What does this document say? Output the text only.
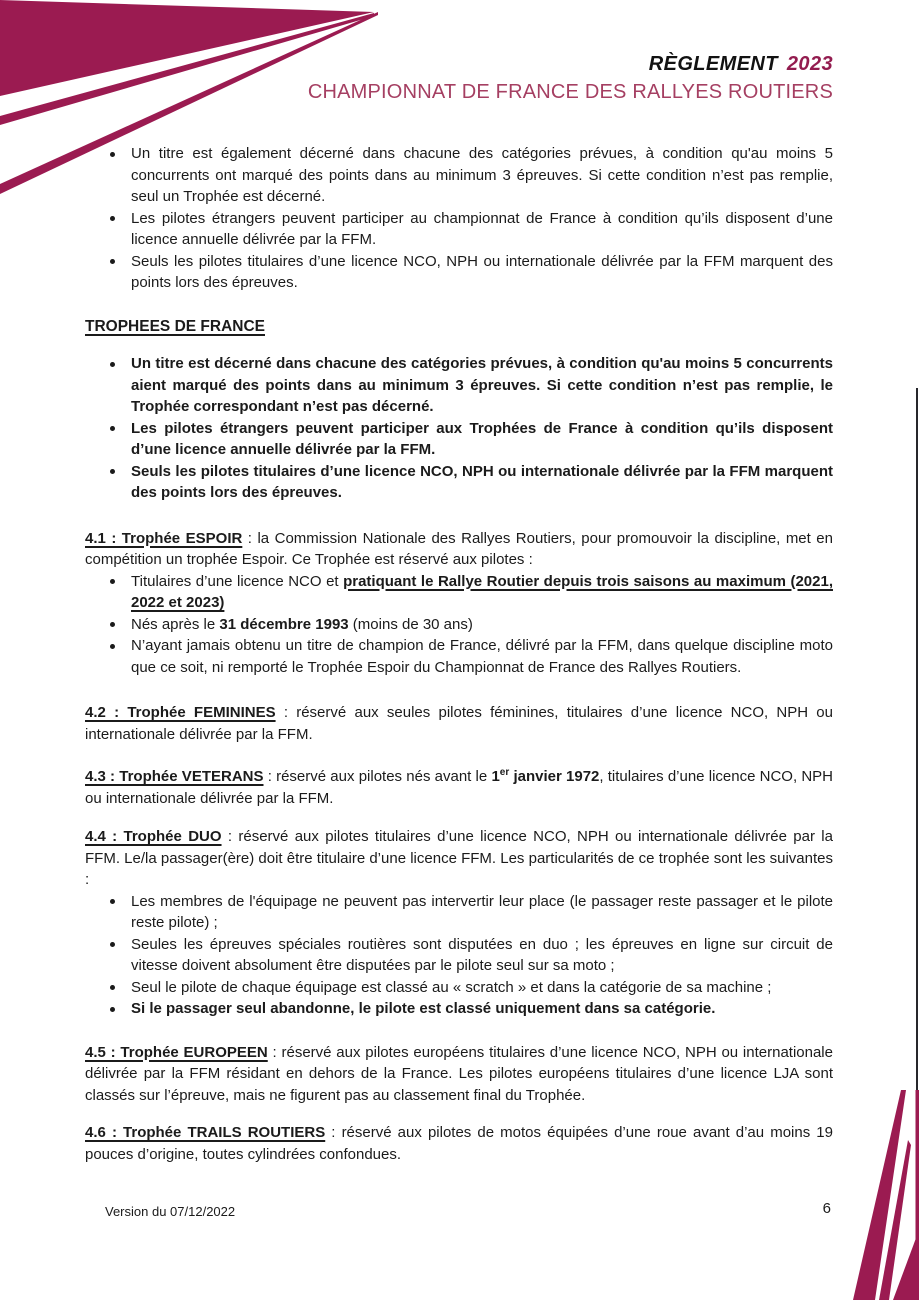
RÈGLEMENT 2023
CHAMPIONNAT DE FRANCE DES RALLYES ROUTIERS
Un titre est également décerné dans chacune des catégories prévues, à condition qu'au moins 5 concurrents ont marqué des points dans au minimum 3 épreuves. Si cette condition n’est pas remplie, seul un Trophée est décerné.
Les pilotes étrangers peuvent participer au championnat de France à condition qu’ils disposent d’une licence annuelle délivrée par la FFM.
Seuls les pilotes titulaires d’une licence NCO, NPH ou internationale délivrée par la FFM marquent des points lors des épreuves.
TROPHEES DE FRANCE
Un titre est décerné dans chacune des catégories prévues, à condition qu'au moins 5 concurrents aient marqué des points dans au minimum 3 épreuves. Si cette condition n’est pas remplie, le Trophée correspondant n’est pas décerné.
Les pilotes étrangers peuvent participer aux Trophées de France à condition qu’ils disposent d’une licence annuelle délivrée par la FFM.
Seuls les pilotes titulaires d’une licence NCO, NPH ou internationale délivrée par la FFM marquent des points lors des épreuves.

4.1 : Trophée ESPOIR : la Commission Nationale des Rallyes Routiers, pour promouvoir la discipline, met en compétition un trophée Espoir. Ce Trophée est réservé aux pilotes :

Titulaires d’une licence NCO et pratiquant le Rallye Routier depuis trois saisons au maximum (2021, 2022 et 2023)
Nés après le 31 décembre 1993 (moins de 30 ans)
N’ayant jamais obtenu un titre de champion de France, délivré par la FFM, dans quelque discipline moto que ce soit, ni remporté le Trophée Espoir du Championnat de France des Rallyes Routiers.

4.2 : Trophée FEMININES : réservé aux seules pilotes féminines, titulaires d’une licence NCO, NPH ou internationale délivrée par la FFM.

4.3 : Trophée VETERANS : réservé aux pilotes nés avant le 1er janvier 1972, titulaires d’une licence NCO, NPH ou internationale délivrée par la FFM.

4.4 : Trophée DUO : réservé aux pilotes titulaires d’une licence NCO, NPH ou internationale délivrée par la FFM. Le/la passager(ère) doit être titulaire d’une licence FFM. Les particularités de ce trophée sont les suivantes :

Les membres de l'équipage ne peuvent pas intervertir leur place (le passager reste passager et le pilote reste pilote) ;
Seules les épreuves spéciales routières sont disputées en duo ; les épreuves en ligne sur circuit de vitesse doivent absolument être disputées par le pilote seul sur sa moto ;
Seul le pilote de chaque équipage est classé au « scratch » et dans la catégorie de sa machine ;
Si le passager seul abandonne, le pilote est classé uniquement dans sa catégorie.

4.5 : Trophée EUROPEEN : réservé aux pilotes européens titulaires d’une licence NCO, NPH ou internationale délivrée par la FFM résidant en dehors de la France. Les pilotes européens titulaires d’une licence LJA sont classés sur l’épreuve, mais ne figurent pas au classement final du Trophée.

4.6 : Trophée TRAILS ROUTIERS : réservé aux pilotes de motos équipées d’une roue avant d’au moins 19 pouces d’origine, toutes cylindrées confondues.

Version du 07/12/2022	6
